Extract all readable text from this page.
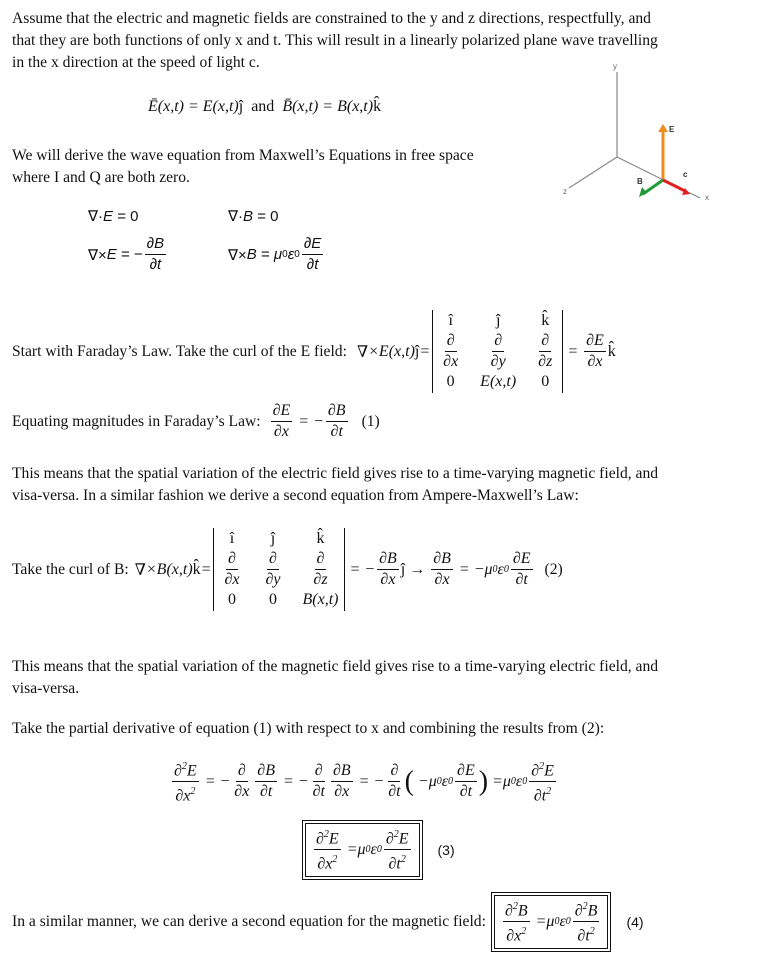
Assume that the electric and magnetic fields are constrained to the y and z directions, respectfully, and
that they are both functions of only x and t. This will result in a linearly polarized plane wave travelling
in the x direction at the speed of light c.
Ē(x,t) = E(x,t)ĵ and B̄(x,t) = B(x,t)k̂
We will derive the wave equation from Maxwell’s Equations in free space
where I and Q are both zero.
y
x
z
E
B
c
∇·E = 0	∇·B = 0
∇× E = − $\frac{\partial B}{\partial t}$	∇× B = μ 0 ε $0 \frac{\partial E}{\partial t}$
Start with Faraday’s Law. Take the curl of the E field: ∇ × E ( x , t ) ĵ =
î	ĵ	k̂
$\frac{\partial}{\partial x} \frac{\partial}{\partial y} \frac{\partial}{\partial z}$
0 E(x,t) 0
= $\frac{\partial E}{\partial x}$ k̂
Equating magnitudes in Faraday’s Law: $\frac{\partial E}{\partial x}$ = − $\frac{\partial B}{\partial t} (1)$
This means that the spatial variation of the electric field gives rise to a time-varying magnetic field, and
visa-versa. In a similar fashion we derive a second equation from Ampere-Maxwell’s Law:
Take the curl of B: ∇ × B ( x , t ) k̂ =
î ĵ	k̂
$\frac{\partial}{\partial x} \frac{\partial}{\partial y} \frac{\partial}{\partial z}$
0 0 B(x,t)
= − $\frac{\partial B}{\partial x}$ ĵ → $\frac{\partial B}{\partial x}$ = − μ 0 ε $0 \frac{\partial E}{\partial t} (2)$
This means that the spatial variation of the magnetic field gives rise to a time-varying electric field, and
visa-versa.
Take the partial derivative of equation (1) with respect to x and combining the results from (2):
$\frac{\partial^2E}{\partial x^2}$ = − $\frac{\partial}{\partial x} \frac{\partial B}{\partial t}$ = − $\frac{\partial}{\partial t} \frac{\partial B}{\partial x}$ = − $\frac{\partial}{\partial t}$ ( − μ 0 ε $0 \frac{\partial E}{\partial t}$ ) = μ 0 ε $0 \frac{\partial^2E}{\partial t^2}$
$\frac{\partial^2E}{\partial x^2} = \mu$ 0 ε $0 \frac{\partial^2E}{\partial t^2} (3)$
In a similar manner, we can derive a second equation for the magnetic field: $\frac{\partial^2B}{\partial x^2} = \mu$ 0 ε $0 \frac{\partial^2B}{\partial t^2} (4)$
